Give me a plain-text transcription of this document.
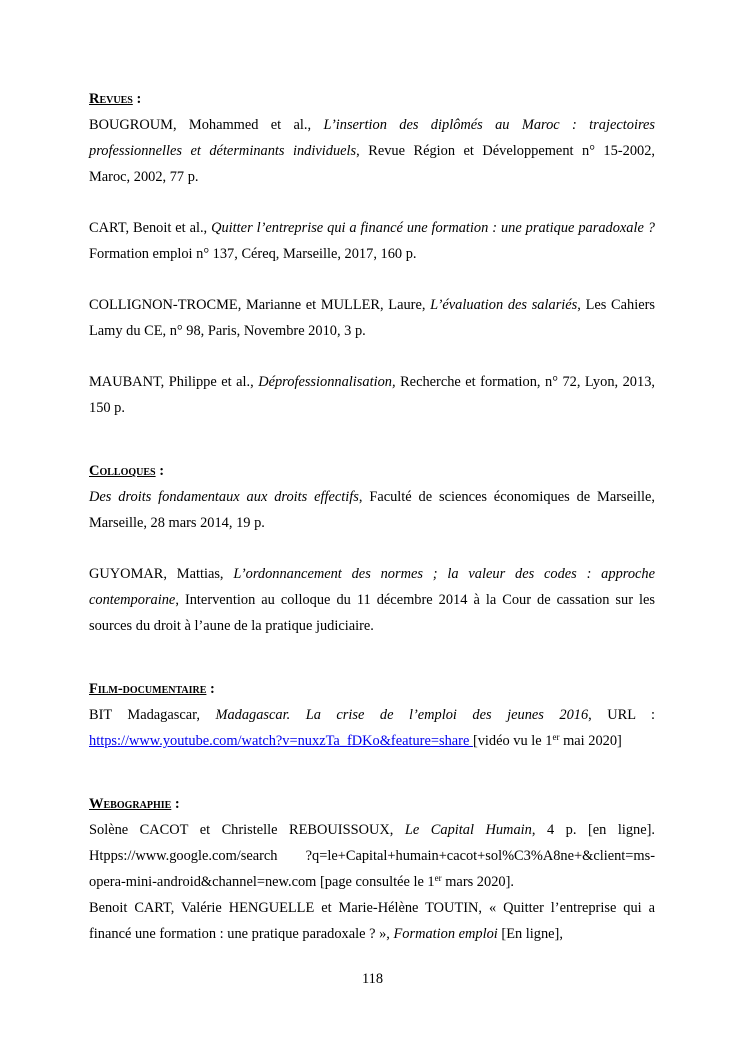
Revues :

BOUGROUM, Mohammed et al., L’insertion des diplômés au Maroc : trajectoires professionnelles et déterminants individuels, Revue Région et Développement n° 15-2002, Maroc, 2002, 77 p.

CART, Benoit et al., Quitter l’entreprise qui a financé une formation : une pratique paradoxale ? Formation emploi n° 137, Céreq, Marseille, 2017, 160 p.

COLLIGNON-TROCME, Marianne et MULLER, Laure, L’évaluation des salariés, Les Cahiers Lamy du CE, n° 98, Paris, Novembre 2010, 3 p.

MAUBANT, Philippe et al., Déprofessionnalisation, Recherche et formation, n° 72, Lyon, 2013, 150 p.

Colloques :

Des droits fondamentaux aux droits effectifs, Faculté de sciences économiques de Marseille, Marseille, 28 mars 2014, 19 p.

GUYOMAR, Mattias, L’ordonnancement des normes ; la valeur des codes : approche contemporaine, Intervention au colloque du 11 décembre 2014 à la Cour de cassation sur les sources du droit à l’aune de la pratique judiciaire.

Film-documentaire :

BIT Madagascar, Madagascar. La crise de l’emploi des jeunes 2016, URL : https://www.youtube.com/watch?v=nuxzTa_fDKo&feature=share [vidéo vu le 1er mai 2020]

Webographie :

Solène CACOT et Christelle REBOUISSOUX, Le Capital Humain, 4 p. [en ligne]. Htpps://www.google.com/search ?q=le+Capital+humain+cacot+sol%C3%A8ne+&client=ms-opera-mini-android&channel=new.com [page consultée le 1er mars 2020].

Benoit CART, Valérie HENGUELLE et Marie-Hélène TOUTIN, « Quitter l’entreprise qui a financé une formation : une pratique paradoxale ? », Formation emploi [En ligne],

118
